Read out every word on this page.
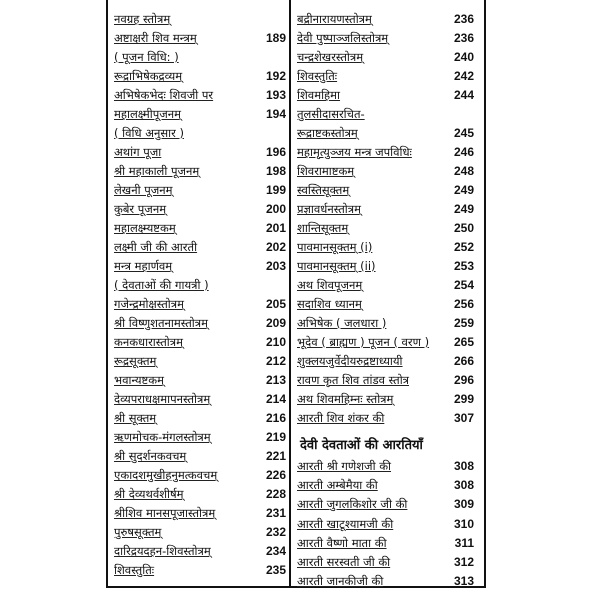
नवग्रह स्तोत्रम्
अष्टाक्षरी शिव मन्त्रम्	189
( पूजन विधि: )
रूद्राभिषेकद्रव्यम्	192
अभिषेकभेदः शिवजी पर	193
महालक्ष्मीपूजनम्	194
( विधि अनुसार )
अथांग पूजा	196
श्री महाकाली पूजनम्	198
लेखनी पूजनम्	199
कुबेर पूजनम्	200
महालक्ष्म्यष्टकम्	201
लक्ष्मी जी की आरती	202
मन्त्र महार्णवम्	203
( देवताओं की गायत्री )
गजेन्द्रमोक्षस्तोत्रम्	205
श्री विष्णुशतनामस्तोत्रम्	209
कनकधारास्तोत्रम्	210
रूद्रसूक्तम्	212
भवान्यष्टकम्	213
देव्यपराधक्षमापनस्तोत्रम्	214
श्री सूक्तम्	216
ऋणमोचक-मंगलस्तोत्रम्	219
श्री सुदर्शनकवचम्	221
एकादशमुखीहनुमत्कवचम्	226
श्री देव्यथर्वशीर्षम्	228
श्रीशिव मानसपूजास्तोत्रम्	231
पुरुषसूक्तम्	232
दारिद्रयदहन-शिवस्तोत्रम्	234
शिवस्तुतिः	235
बद्रीनारायणस्तोत्रम्	236
देवी पुष्पाञ्जलिस्तोत्रम्	236
चन्द्रशेखरस्तोत्रम्	240
शिवस्तुतिः	242
शिवमहिमा	244
तुलसीदासरचित-
रूद्राष्टकस्तोत्रम्	245
महामृत्युञ्जय मन्त्र जपविधिः	246
शिवरामाष्टकम्	248
स्वस्तिसूक्तम्	249
प्रज्ञावर्धनस्तोत्रम्	249
शान्तिसूक्तम्	250
पावमानसूक्तम् (i)	252
पावमानसूक्तम् (ii)	253
अथ शिवपूजनम्	254
सदाशिव ध्यानम्	256
अभिषेक ( जलधारा )	259
भूदेव ( ब्राह्मण ) पूजन ( वरण ) 265
शुक्लयजुर्वेदीयरुद्रष्टाध्यायी	266
रावण कृत शिव तांडव स्तोत्र	296
अथ शिवमहिम्नः स्तोत्रम्	299
आरती शिव शंकर की	307
देवी देवताओं की आरतियाँ
आरती श्री गणेशजी की	308
आरती अम्बेमैया की	308
आरती जुगलकिशोर जी की	309
आरती खाटूश्यामजी की	310
आरती वैष्णो माता की	311
आरती सरस्वती जी की	312
आरती जानकीजी की	313
